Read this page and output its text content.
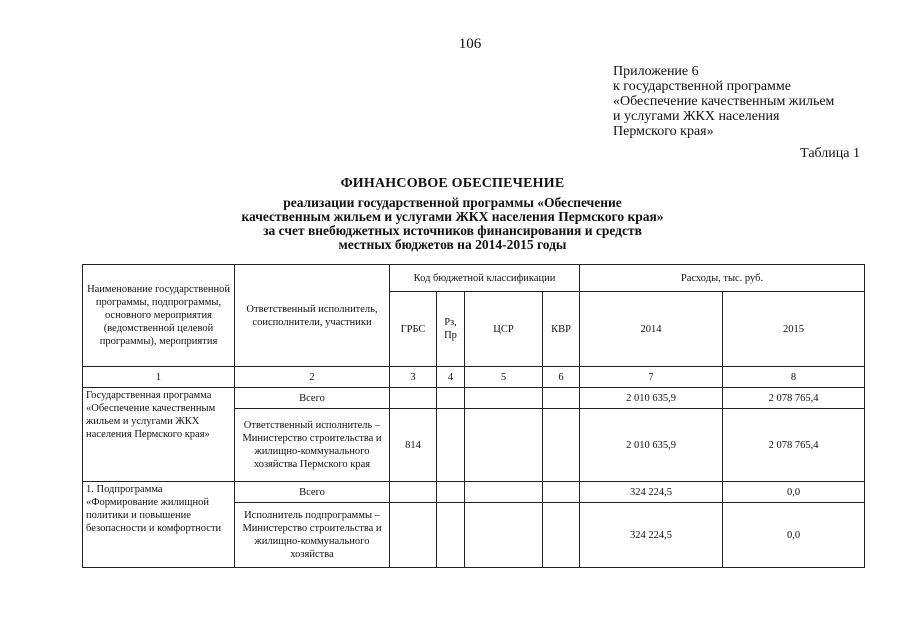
106
Приложение 6
к государственной программе
«Обеспечение качественным жильем
и услугами ЖКХ населения
Пермского края»
Таблица 1
ФИНАНСОВОЕ ОБЕСПЕЧЕНИЕ
реализации государственной программы «Обеспечение
качественным жильем и услугами ЖКХ населения Пермского края»
за счет внебюджетных источников финансирования и средств
местных бюджетов на 2014-2015 годы
Наименование государственной программы, подпрограммы, основного мероприятия (ведомственной целевой программы), мероприятия	Ответственный исполнитель, соисполнители, участники	Код бюджетной классификации				Расходы, тыс. руб.	
		ГРБС	Рз, Пр	ЦСР	КВР	2014	2015
1	2	3	4	5	6	7	8
Государственная программа «Обеспечение качественным жильем и услугами ЖКХ населения Пермского края»	Всего					2 010 635,9	2 078 765,4
	Ответственный исполнитель – Министерство строительства и жилищно-коммунального хозяйства Пермского края	814				2 010 635,9	2 078 765,4
1. Подпрограмма «Формирование жилищной политики и повышение безопасности и комфортности	Всего					324 224,5	0,0
	Исполнитель подпрограммы – Министерство строительства и жилищно-коммунального хозяйства					324 224,5	0,0
